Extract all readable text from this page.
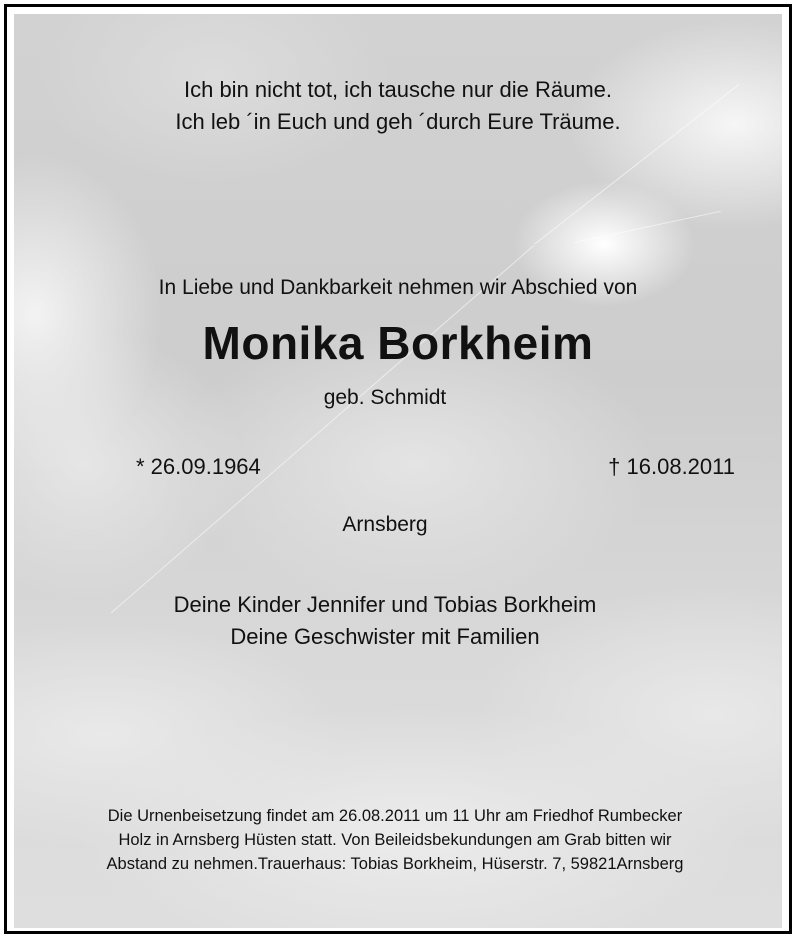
Ich bin nicht tot, ich tausche nur die Räume.
Ich leb ´in Euch und geh ´durch Eure Träume.
In Liebe und Dankbarkeit nehmen wir Abschied von
Monika Borkheim
geb. Schmidt
* 26.09.1964	† 16.08.2011
Arnsberg
Deine Kinder Jennifer und Tobias Borkheim
Deine Geschwister mit Familien
Die Urnenbeisetzung findet am 26.08.2011 um 11 Uhr am Friedhof Rumbecker
Holz in Arnsberg Hüsten statt. Von Beileidsbekundungen am Grab bitten wir
Abstand zu nehmen.Trauerhaus: Tobias Borkheim, Hüserstr. 7, 59821Arnsberg
